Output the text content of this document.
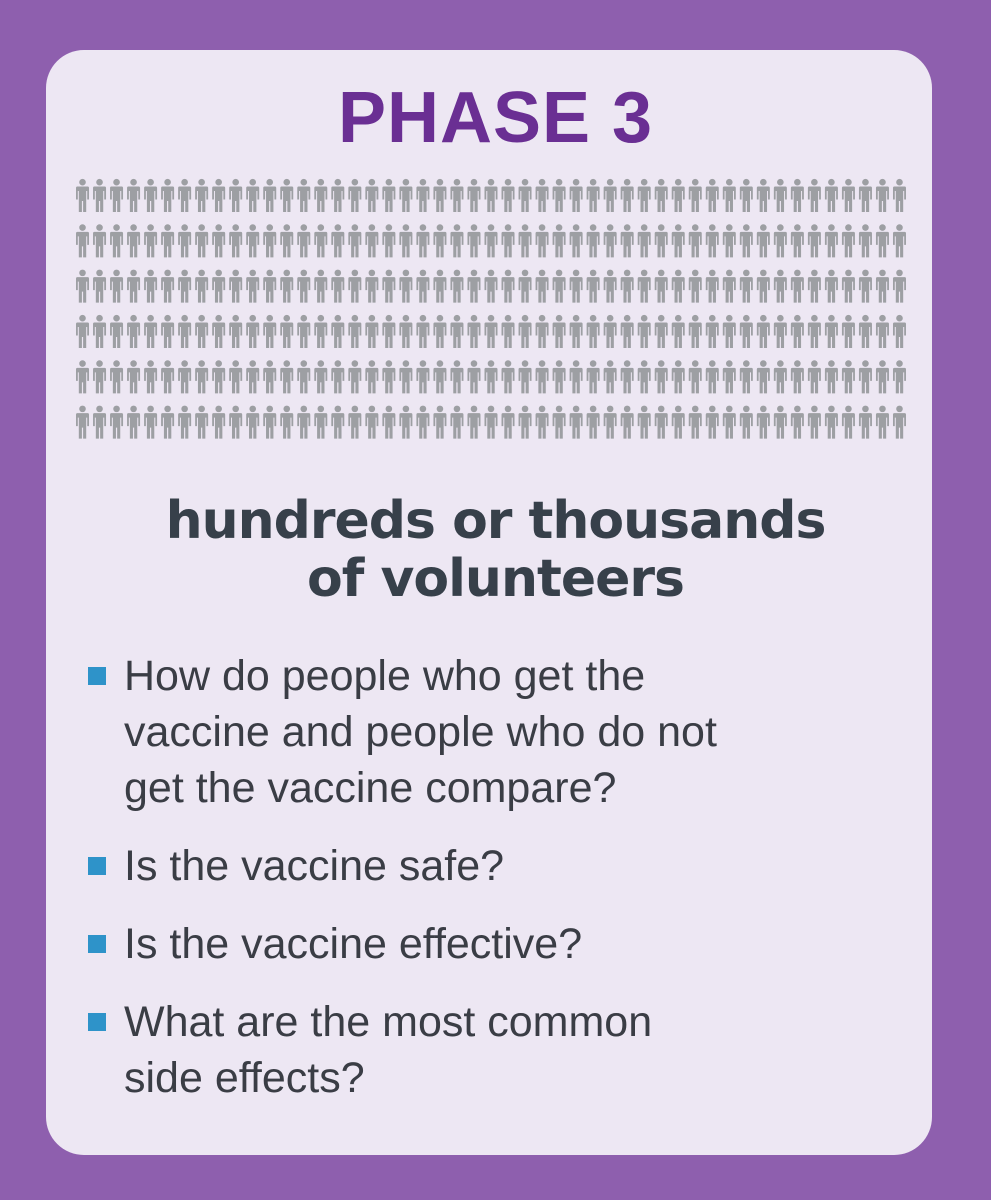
PHASE 3
hundreds or thousands
of volunteers
How do people who get the
vaccine and people who do not
get the vaccine compare?
Is the vaccine safe?
Is the vaccine effective?
What are the most common
side effects?
